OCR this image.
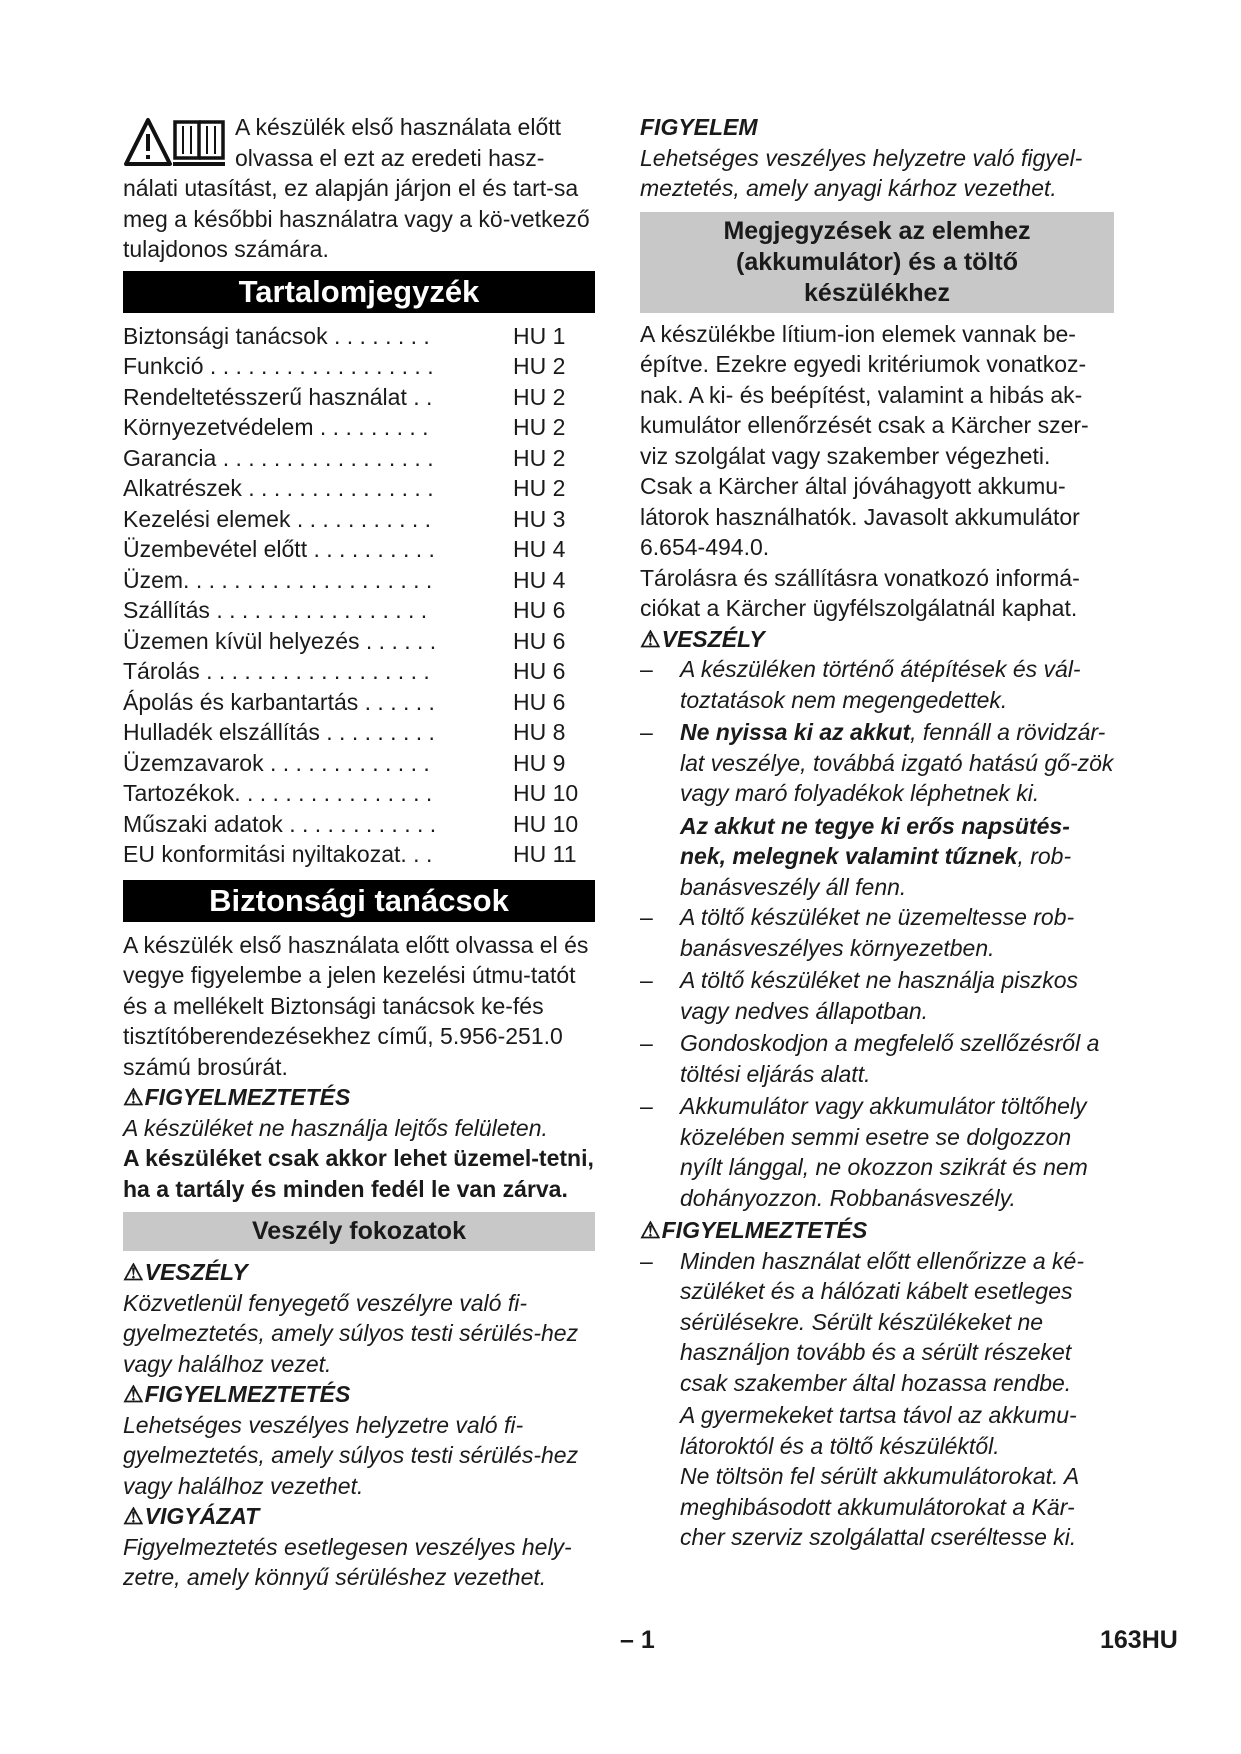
A készülék első használata előtt olvassa el ezt az eredeti hasz-nálati utasítást, ez alapján járjon el és tart-sa meg a későbbi használatra vagy a kö-vetkező tulajdonos számára.
Tartalomjegyzék
Biztonsági tanácsok . . . . . . . .	HU 1
Funkció . . . . . . . . . . . . . . . . . .	HU 2
Rendeltetésszerű használat . .	HU 2
Környezetvédelem . . . . . . . . .	HU 2
Garancia . . . . . . . . . . . . . . . . .	HU 2
Alkatrészek . . . . . . . . . . . . . . .	HU 2
Kezelési elemek . . . . . . . . . . .	HU 3
Üzembevétel előtt . . . . . . . . . .	HU 4
Üzem. . . . . . . . . . . . . . . . . . . .	HU 4
Szállítás . . . . . . . . . . . . . . . . .	HU 6
Üzemen kívül helyezés . . . . . .	HU 6
Tárolás . . . . . . . . . . . . . . . . . .	HU 6
Ápolás és karbantartás . . . . . .	HU 6
Hulladék elszállítás . . . . . . . . .	HU 8
Üzemzavarok . . . . . . . . . . . . .	HU 9
Tartozékok. . . . . . . . . . . . . . . .	HU 10
Műszaki adatok . . . . . . . . . . . .	HU 10
EU konformitási nyiltakozat. . .	HU 11
Biztonsági tanácsok

A készülék első használata előtt olvassa el és vegye figyelembe a jelen kezelési útmu-tatót és a mellékelt Biztonsági tanácsok ke-fés tisztítóberendezésekhez című, 5.956-251.0 számú brosúrát.

⚠FIGYELMEZTETÉS

A készüléket ne használja lejtős felületen.

A készüléket csak akkor lehet üzemel-tetni, ha a tartály és minden fedél le van zárva.

Veszély fokozatok
⚠VESZÉLY

Közvetlenül fenyegető veszélyre való fi-gyelmeztetés, amely súlyos testi sérülés-hez vagy halálhoz vezet.

⚠FIGYELMEZTETÉS

Lehetséges veszélyes helyzetre való fi-gyelmeztetés, amely súlyos testi sérülés-hez vagy halálhoz vezethet.

⚠VIGYÁZAT

Figyelmeztetés esetlegesen veszélyes hely-zetre, amely könnyű sérüléshez vezethet.

FIGYELEM

Lehetséges veszélyes helyzetre való figyel-meztetés, amely anyagi kárhoz vezethet.

Megjegyzések az elemhez (akkumulátor) és a töltő készülékhez

A készülékbe lítium-ion elemek vannak be-építve. Ezekre egyedi kritériumok vonatkoz-nak. A ki- és beépítést, valamint a hibás ak-kumulátor ellenőrzését csak a Kärcher szer-viz szolgálat vagy szakember végezheti.

Csak a Kärcher által jóváhagyott akkumu-látorok használhatók. Javasolt akkumulátor 6.654-494.0.

Tárolásra és szállításra vonatkozó informá-ciókat a Kärcher ügyfélszolgálatnál kaphat.

⚠VESZÉLY
– A készüléken történő átépítések és vál-toztatások nem megengedettek.
– Ne nyissa ki az akkut, fennáll a rövidzár-lat veszélye, továbbá izgató hatású gő-zök vagy maró folyadékok léphetnek ki.
Az akkut ne tegye ki erős napsütés-nek, melegnek valamint tűznek, rob-banásveszély áll fenn.
– A töltő készüléket ne üzemeltesse rob-banásveszélyes környezetben.
– A töltő készüléket ne használja piszkos vagy nedves állapotban.
– Gondoskodjon a megfelelő szellőzésről a töltési eljárás alatt.
– Akkumulátor vagy akkumulátor töltőhely közelében semmi esetre se dolgozzon nyílt lánggal, ne okozzon szikrát és nem dohányozzon. Robbanásveszély.
⚠FIGYELMEZTETÉS
– Minden használat előtt ellenőrizze a ké-szüléket és a hálózati kábelt esetleges sérülésekre. Sérült készülékeket ne használjon tovább és a sérült részeket csak szakember által hozassa rendbe.
A gyermekeket tartsa távol az akkumu-látoroktól és a töltő készüléktől.
Ne töltsön fel sérült akkumulátorokat. A meghibásodott akkumulátorokat a Kär-cher szerviz szolgálattal cseréltesse ki.
– 1	163HU
